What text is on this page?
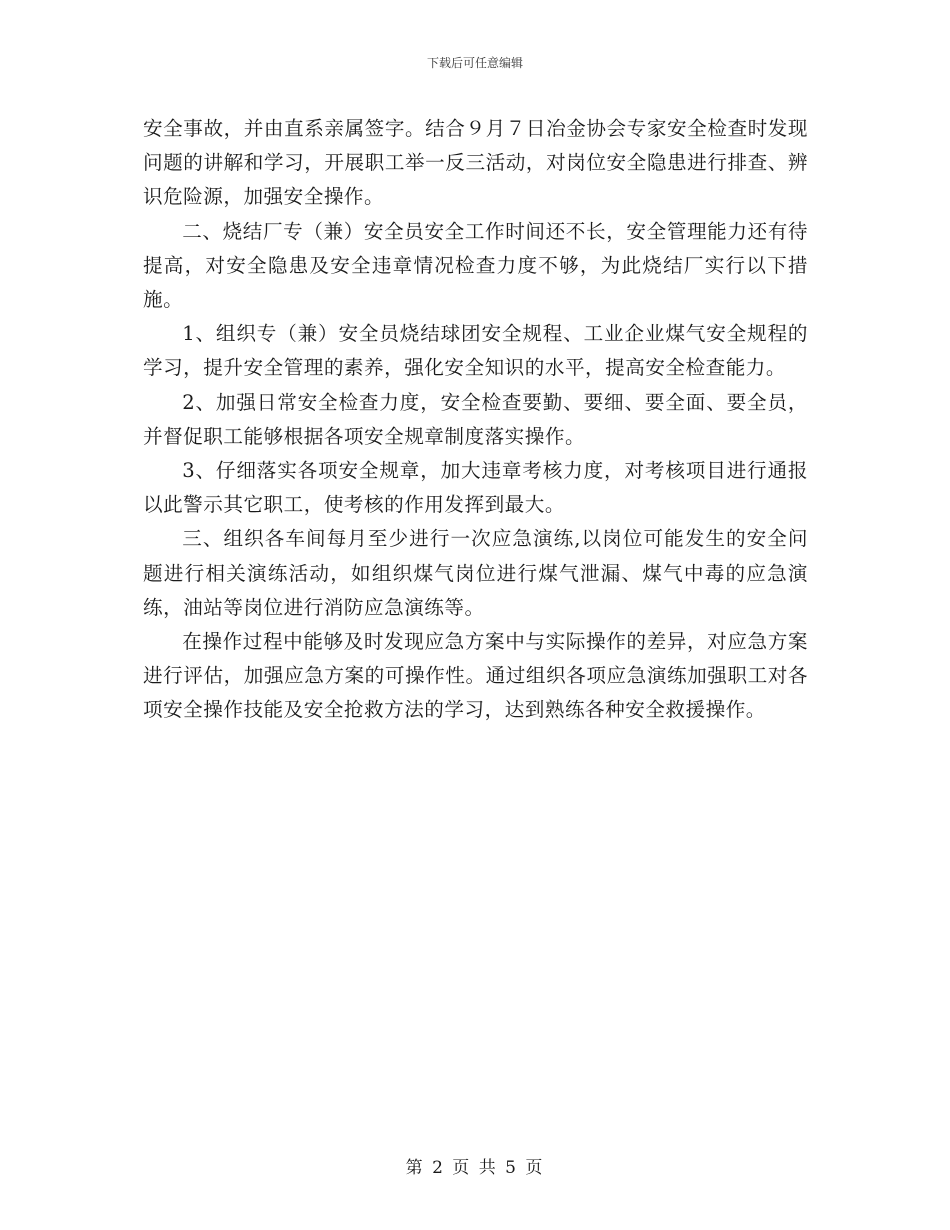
下载后可任意编辑

安全事故，并由直系亲属签字。结合９月７日冶金协会专家安全检查时发现问题的讲解和学习，开展职工举一反三活动，对岗位安全隐患进行排查、辨识危险源，加强安全操作。

二、烧结厂专（兼）安全员安全工作时间还不长，安全管理能力还有待提高，对安全隐患及安全违章情况检查力度不够，为此烧结厂实行以下措施。

1、组织专（兼）安全员烧结球团安全规程、工业企业煤气安全规程的学习，提升安全管理的素养，强化安全知识的水平，提高安全检查能力。

2、加强日常安全检查力度，安全检查要勤、要细、要全面、要全员，并督促职工能够根据各项安全规章制度落实操作。

3、仔细落实各项安全规章，加大违章考核力度，对考核项目进行通报以此警示其它职工，使考核的作用发挥到最大。

三、组织各车间每月至少进行一次应急演练,以岗位可能发生的安全问题进行相关演练活动，如组织煤气岗位进行煤气泄漏、煤气中毒的应急演练，油站等岗位进行消防应急演练等。

在操作过程中能够及时发现应急方案中与实际操作的差异，对应急方案进行评估，加强应急方案的可操作性。通过组织各项应急演练加强职工对各项安全操作技能及安全抢救方法的学习，达到熟练各种安全救援操作。

第 2 页 共 5 页
